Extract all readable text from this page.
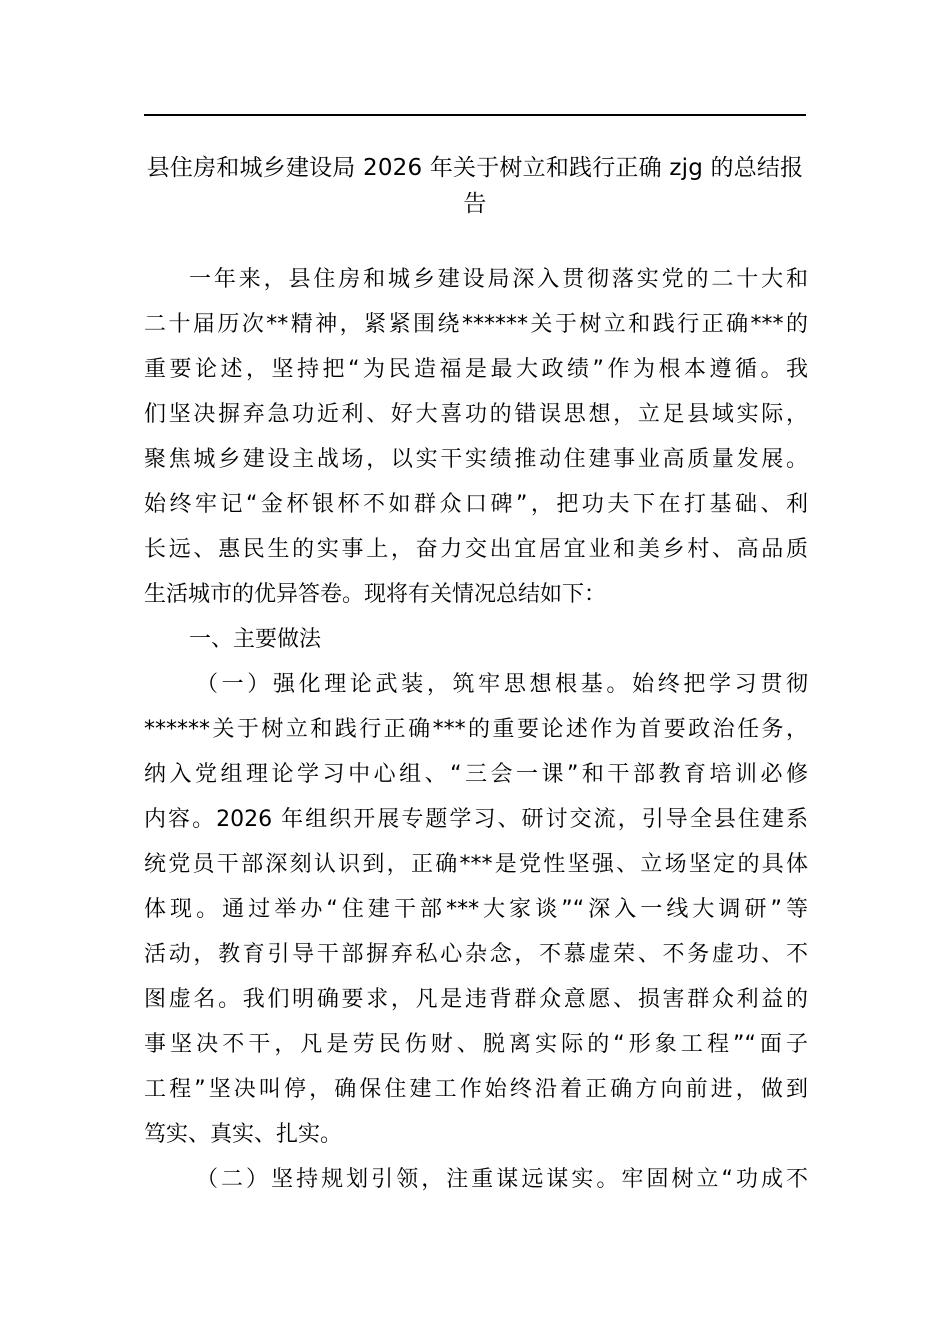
县住房和城乡建设局 2026 年关于树立和践行正确 zjg 的总结报
告
一年来，县住房和城乡建设局深入贯彻落实党的二十大和
二十届历次**精神，紧紧围绕******关于树立和践行正确***的
重要论述，坚持把“为民造福是最大政绩”作为根本遵循。我
们坚决摒弃急功近利、好大喜功的错误思想，立足县域实际，
聚焦城乡建设主战场，以实干实绩推动住建事业高质量发展。
始终牢记“金杯银杯不如群众口碑”，把功夫下在打基础、利
长远、惠民生的实事上，奋力交出宜居宜业和美乡村、高品质
生活城市的优异答卷。现将有关情况总结如下：
一、主要做法
（一）强化理论武装，筑牢思想根基。始终把学习贯彻
******关于树立和践行正确***的重要论述作为首要政治任务，
纳入党组理论学习中心组、“三会一课”和干部教育培训必修
内容。2026 年组织开展专题学习、研讨交流，引导全县住建系
统党员干部深刻认识到，正确***是党性坚强、立场坚定的具体
体现。通过举办“住建干部***大家谈”“深入一线大调研”等
活动，教育引导干部摒弃私心杂念，不慕虚荣、不务虚功、不
图虚名。我们明确要求，凡是违背群众意愿、损害群众利益的
事坚决不干，凡是劳民伤财、脱离实际的“形象工程”“面子
工程”坚决叫停，确保住建工作始终沿着正确方向前进，做到
笃实、真实、扎实。
（二）坚持规划引领，注重谋远谋实。牢固树立“功成不
